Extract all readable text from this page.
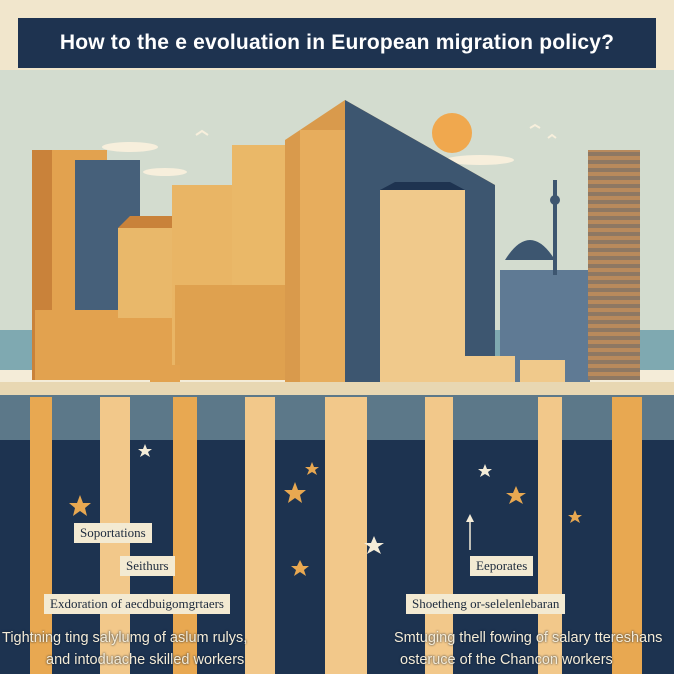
How to the e evoluation in European migration policy?
Soportations
Seithurs
Exdoration of aecdbuigomgrtaers
Eeporates
Shoetheng or-selelenlebaran
Tightning ting salylumg of aslum rulys,
and intoduache skilled workers
Smtuging thell fowing of salary ttereshans
osteruce of the Chancon workers
